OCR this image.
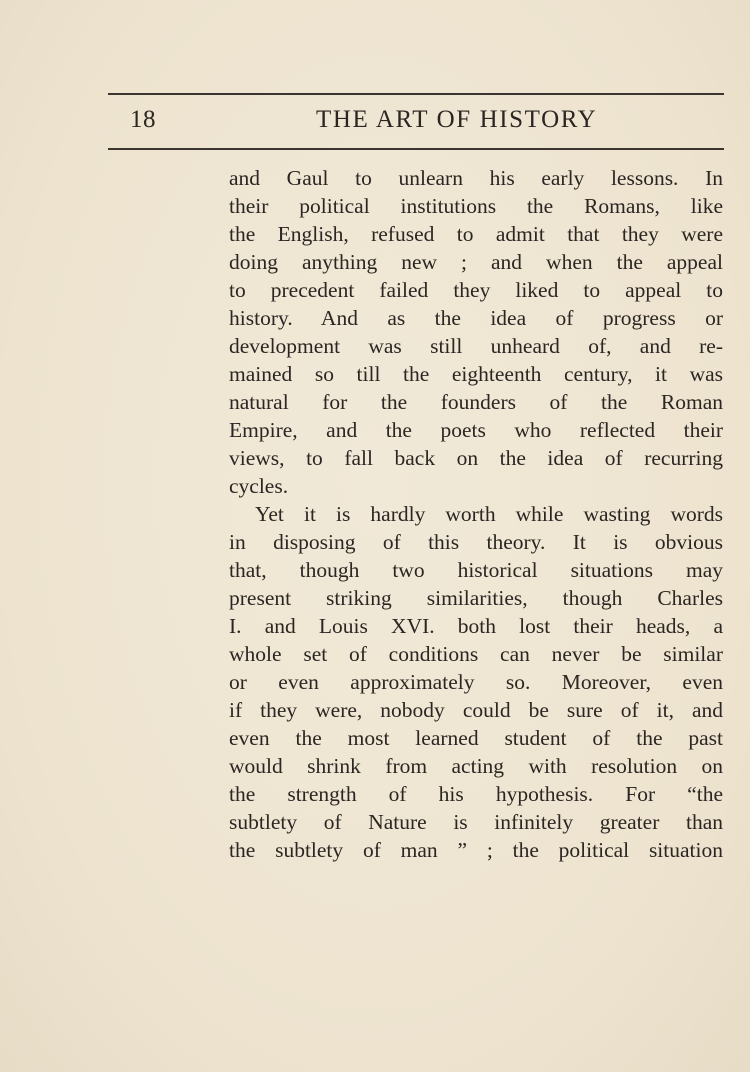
18	THE ART OF HISTORY
and Gaul to unlearn his early lessons. In
their political institutions the Romans, like
the English, refused to admit that they were
doing anything new ; and when the appeal
to precedent failed they liked to appeal to
history. And as the idea of progress or
development was still unheard of, and re-
mained so till the eighteenth century, it was
natural for the founders of the Roman
Empire, and the poets who reflected their
views, to fall back on the idea of recurring
cycles.
Yet it is hardly worth while wasting words
in disposing of this theory. It is obvious
that, though two historical situations may
present striking similarities, though Charles
I. and Louis XVI. both lost their heads, a
whole set of conditions can never be similar
or even approximately so. Moreover, even
if they were, nobody could be sure of it, and
even the most learned student of the past
would shrink from acting with resolution on
the strength of his hypothesis. For “the
subtlety of Nature is infinitely greater than
the subtlety of man ” ; the political situation
